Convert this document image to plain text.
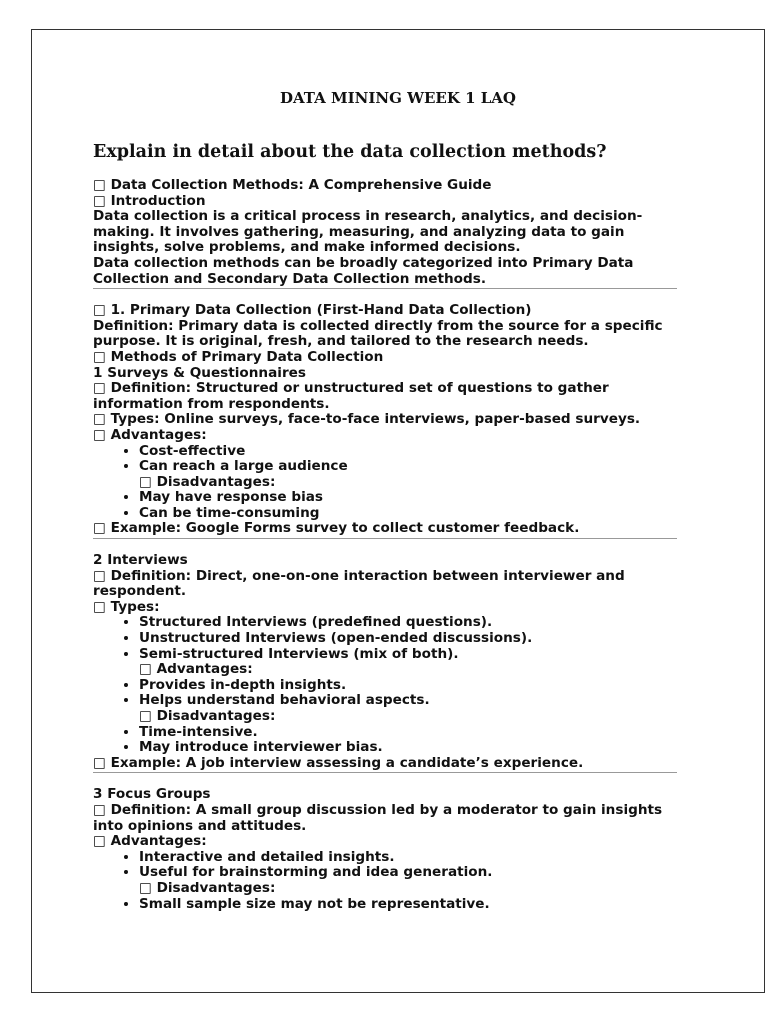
DATA MINING WEEK 1 LAQ
Explain in detail about the data collection methods?

□ Data Collection Methods: A Comprehensive Guide

□ Introduction

Data collection is a critical process in research, analytics, and decision-making. It involves gathering, measuring, and analyzing data to gain insights, solve problems, and make informed decisions.

Data collection methods can be broadly categorized into Primary Data Collection and Secondary Data Collection methods.

□ 1. Primary Data Collection (First-Hand Data Collection)

Definition: Primary data is collected directly from the source for a specific purpose. It is original, fresh, and tailored to the research needs.

□ Methods of Primary Data Collection

1 Surveys & Questionnaires

□ Definition: Structured or unstructured set of questions to gather information from respondents.

□ Types: Online surveys, face-to-face interviews, paper-based surveys.

□ Advantages:

• Cost-effective
• Can reach a large audience

□ Disadvantages:

• May have response bias
• Can be time-consuming

□ Example: Google Forms survey to collect customer feedback.

2 Interviews

□ Definition: Direct, one-on-one interaction between interviewer and respondent.

□ Types:

• Structured Interviews (predefined questions).
• Unstructured Interviews (open-ended discussions).
• Semi-structured Interviews (mix of both).

□ Advantages:

• Provides in-depth insights.
• Helps understand behavioral aspects.

□ Disadvantages:

• Time-intensive.
• May introduce interviewer bias.

□ Example: A job interview assessing a candidate’s experience.

3 Focus Groups

□ Definition: A small group discussion led by a moderator to gain insights into opinions and attitudes.

□ Advantages:

• Interactive and detailed insights.
• Useful for brainstorming and idea generation.

□ Disadvantages:

• Small sample size may not be representative.
